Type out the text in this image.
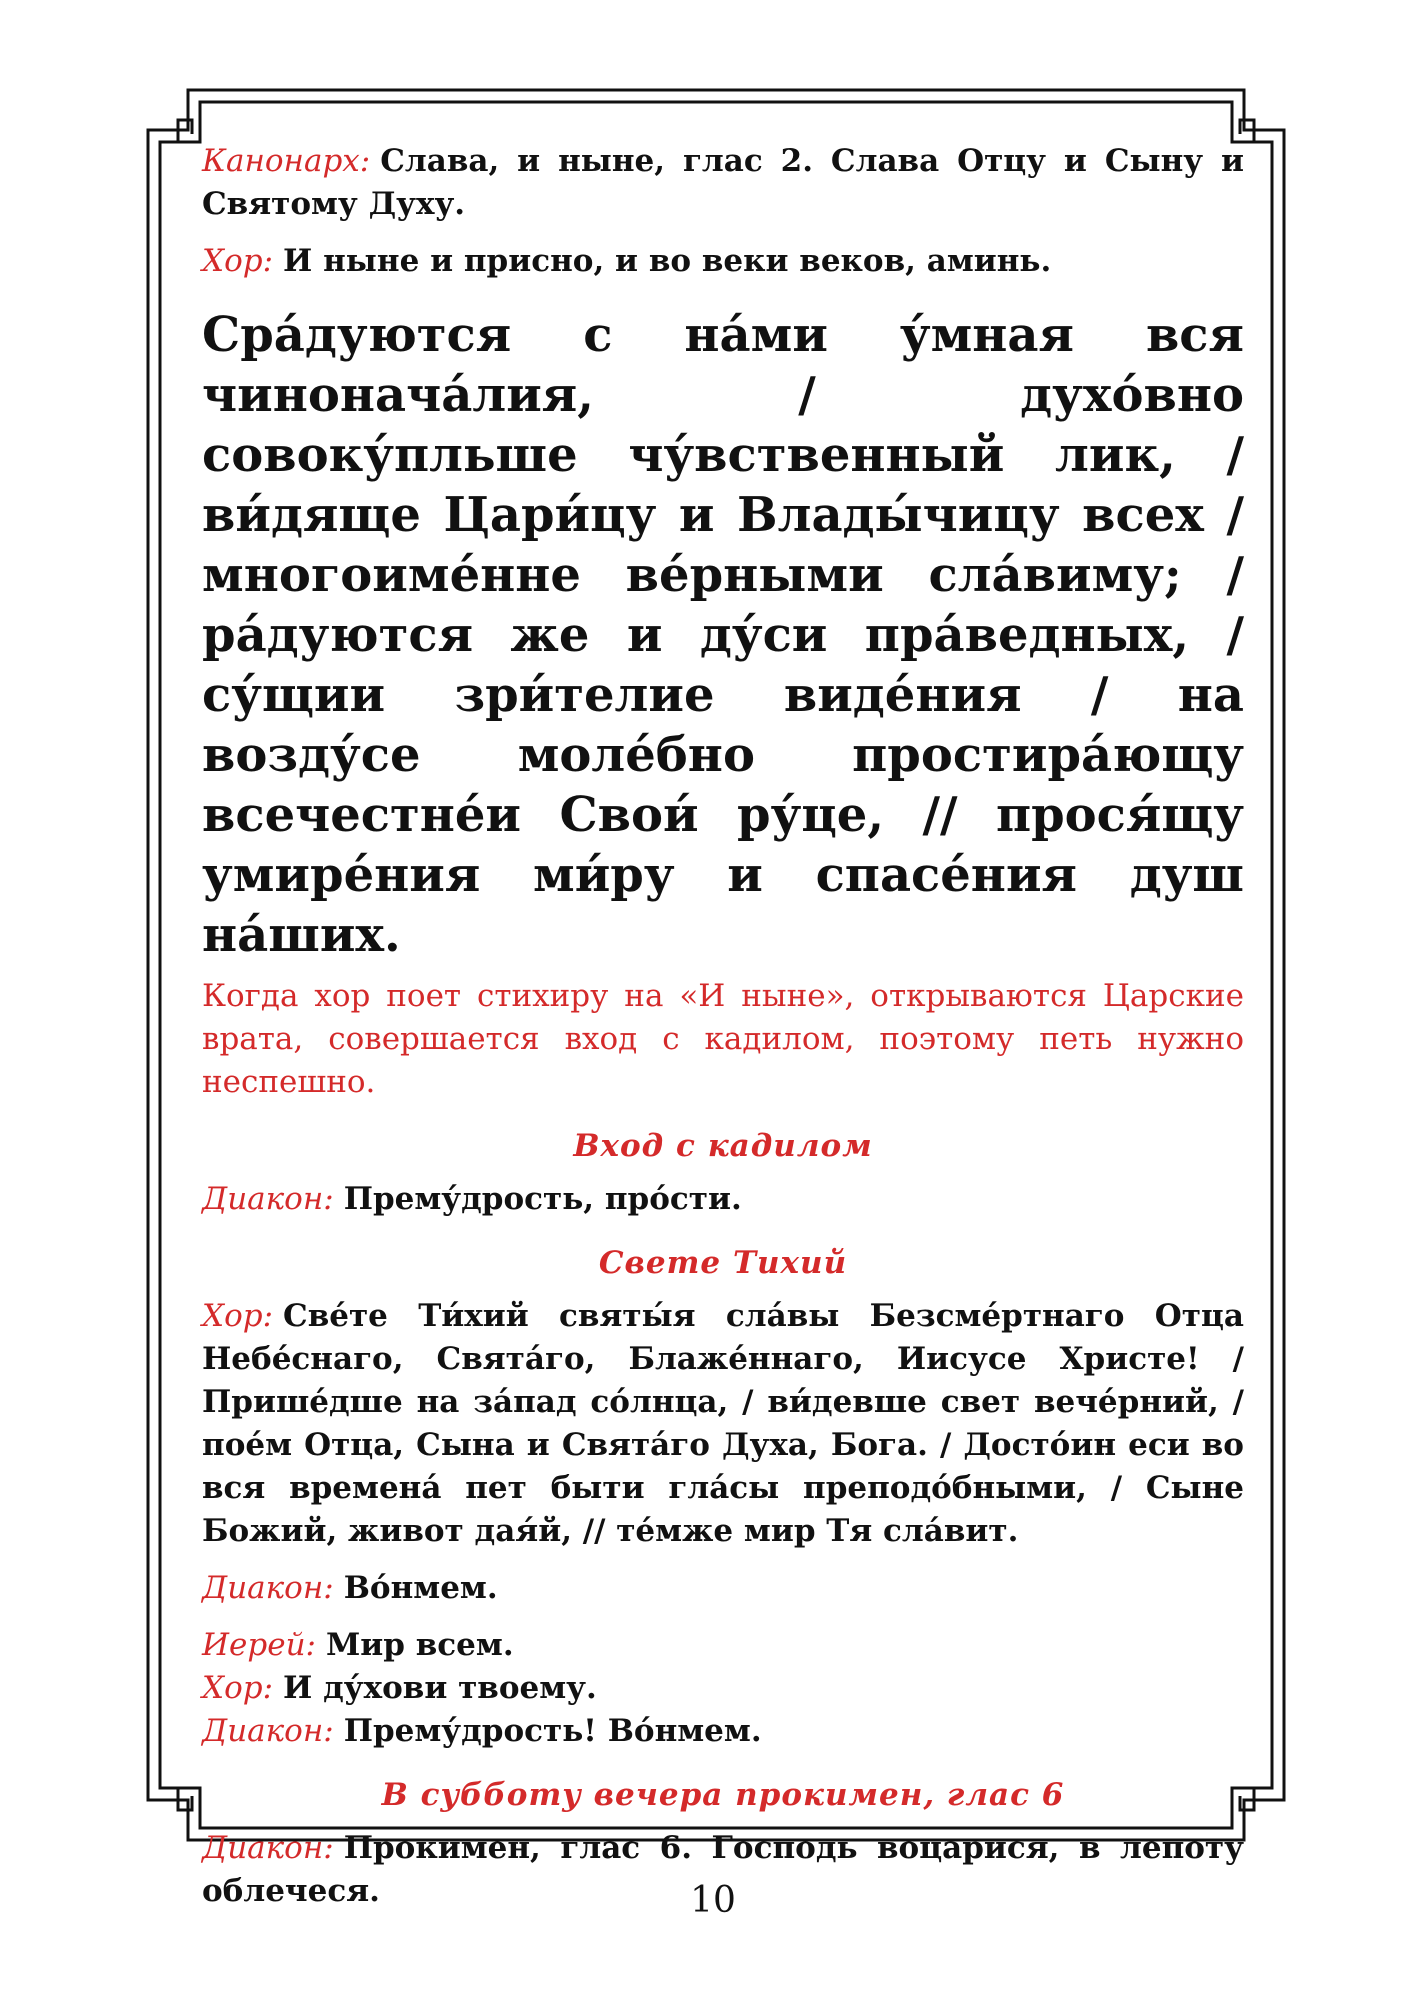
Канонарх: Слава, и ныне, глас 2. Слава Отцу и Сыну и Святому Духу.

Хор: И ныне и присно, и во веки веков, аминь.

Сра́дуются с на́ми у́мная вся чинонача́лия, / духо́вно совоку́пльше чу́вственный лик, / ви́дяще Цари́цу и Влады́чицу всех / многоиме́нне ве́рными сла́виму; / ра́дуются же и ду́си пра́ведных, / су́щии зри́телие виде́ния / на возду́се моле́бно простира́ющу всечестне́и Свои́ ру́це, // прося́щу умире́ния ми́ру и спасе́ния душ на́ших.

Когда хор поет стихиру на «И ныне», открываются Царские врата, совершается вход с кадилом, поэтому петь нужно неспешно.

Вход с кадилом

Диакон: Прему́дрость, про́сти.

Свете Тихий

Хор: Све́те Ти́хий святы́я сла́вы Безсме́ртнаго Отца Небе́снаго, Свята́го, Блаже́ннаго, Иисусе Христе! / Прише́дше на за́пад со́лнца, / ви́девше свет вече́рний, / пое́м Отца, Сына и Свята́го Духа, Бога. / Досто́ин еси во вся времена́ пет быти гла́сы преподо́бными, / Сыне Божий, живот дая́й, // те́мже мир Тя сла́вит.

Диакон: Во́нмем.

Иерей: Мир всем.

Хор: И ду́хови твоему.

Диакон: Прему́дрость! Во́нмем.

В субботу вечера прокимен, глас 6

Диакон: Прокимен, глас 6. Господь воцарися, в лепоту облечеся.	10
